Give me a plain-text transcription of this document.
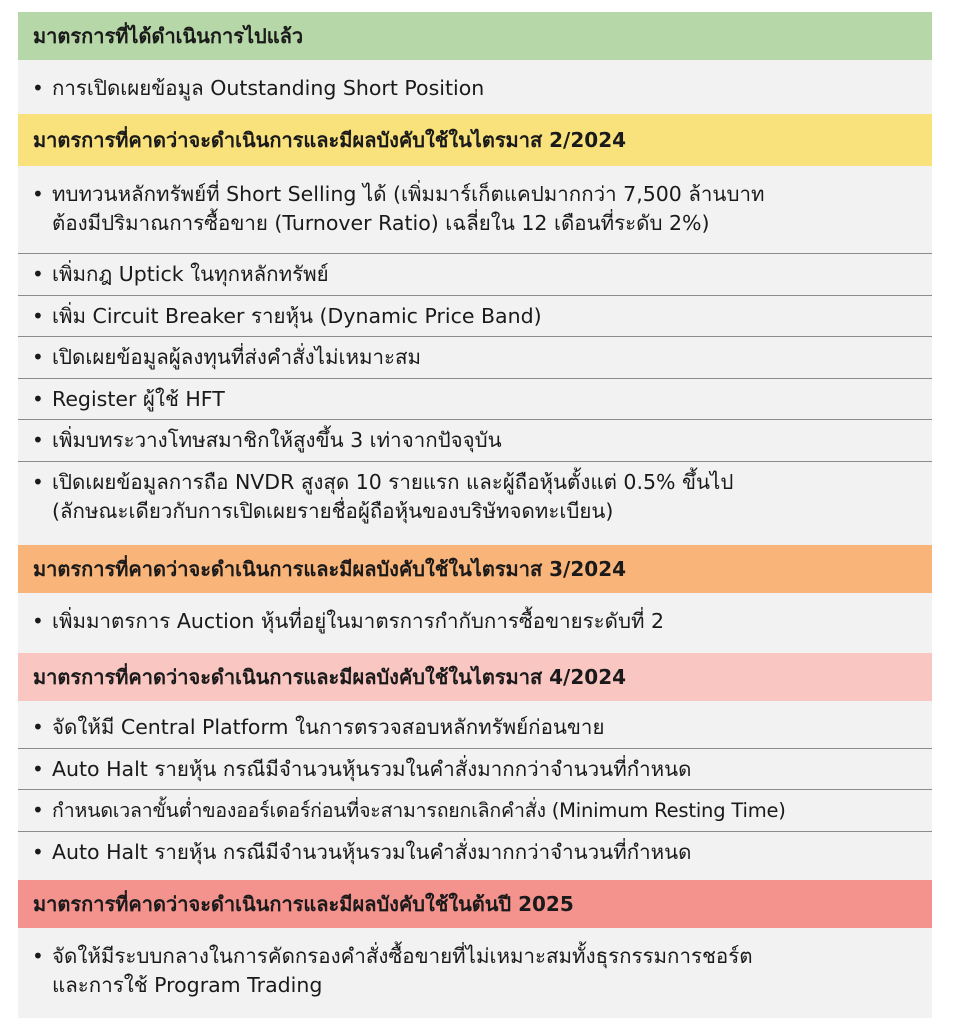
มาตรการที่ได้ดำเนินการไปแล้ว
• การเปิดเผยข้อมูล Outstanding Short Position
มาตรการที่คาดว่าจะดำเนินการและมีผลบังคับใช้ในไตรมาส 2/2024
• ทบทวนหลักทรัพย์ที่ Short Selling ได้ (เพิ่มมาร์เก็ตแคปมากกว่า 7,500 ล้านบาท
ต้องมีปริมาณการซื้อขาย (Turnover Ratio) เฉลี่ยใน 12 เดือนที่ระดับ 2%)
• เพิ่มกฎ Uptick ในทุกหลักทรัพย์
• เพิ่ม Circuit Breaker รายหุ้น (Dynamic Price Band)
• เปิดเผยข้อมูลผู้ลงทุนที่ส่งคำสั่งไม่เหมาะสม
• Register ผู้ใช้ HFT
• เพิ่มบทระวางโทษสมาชิกให้สูงขึ้น 3 เท่าจากปัจจุบัน
• เปิดเผยข้อมูลการถือ NVDR สูงสุด 10 รายแรก และผู้ถือหุ้นตั้งแต่ 0.5% ขึ้นไป
(ลักษณะเดียวกับการเปิดเผยรายชื่อผู้ถือหุ้นของบริษัทจดทะเบียน)
มาตรการที่คาดว่าจะดำเนินการและมีผลบังคับใช้ในไตรมาส 3/2024
• เพิ่มมาตรการ Auction หุ้นที่อยู่ในมาตรการกำกับการซื้อขายระดับที่ 2
มาตรการที่คาดว่าจะดำเนินการและมีผลบังคับใช้ในไตรมาส 4/2024
• จัดให้มี Central Platform ในการตรวจสอบหลักทรัพย์ก่อนขาย
• Auto Halt รายหุ้น กรณีมีจำนวนหุ้นรวมในคำสั่งมากกว่าจำนวนที่กำหนด
• กำหนดเวลาขั้นต่ำของออร์เดอร์ก่อนที่จะสามารถยกเลิกคำสั่ง (Minimum Resting Time)
• Auto Halt รายหุ้น กรณีมีจำนวนหุ้นรวมในคำสั่งมากกว่าจำนวนที่กำหนด
มาตรการที่คาดว่าจะดำเนินการและมีผลบังคับใช้ในต้นปี 2025
• จัดให้มีระบบกลางในการคัดกรองคำสั่งซื้อขายที่ไม่เหมาะสมทั้งธุรกรรมการชอร์ต
และการใช้ Program Trading
